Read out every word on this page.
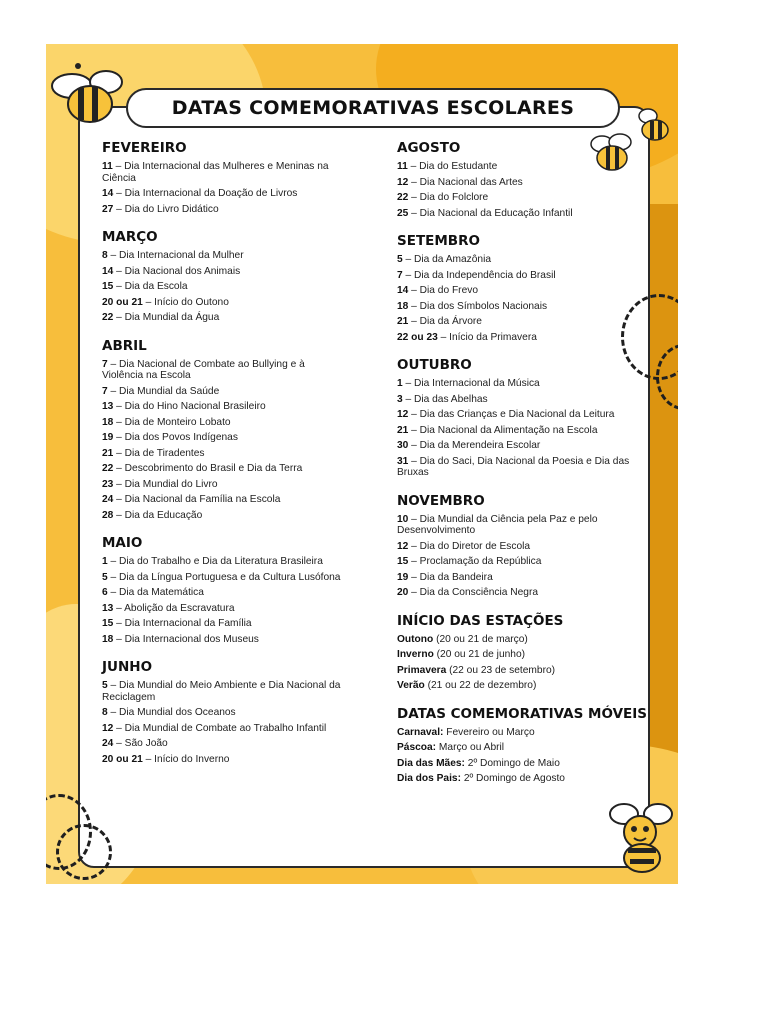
DATAS COMEMORATIVAS ESCOLARES
FEVEREIRO
11 – Dia Internacional das Mulheres e Meninas na Ciência
14 – Dia Internacional da Doação de Livros
27 – Dia do Livro Didático
MARÇO
8 – Dia Internacional da Mulher
14 – Dia Nacional dos Animais
15 – Dia da Escola
20 ou 21 – Início do Outono
22 – Dia Mundial da Água
ABRIL
7 – Dia Nacional de Combate ao Bullying e à Violência na Escola
7 – Dia Mundial da Saúde
13 – Dia do Hino Nacional Brasileiro
18 – Dia de Monteiro Lobato
19 – Dia dos Povos Indígenas
21 – Dia de Tiradentes
22 – Descobrimento do Brasil e Dia da Terra
23 – Dia Mundial do Livro
24 – Dia Nacional da Família na Escola
28 – Dia da Educação
MAIO
1 – Dia do Trabalho e Dia da Literatura Brasileira
5 – Dia da Língua Portuguesa e da Cultura Lusófona
6 – Dia da Matemática
13 – Abolição da Escravatura
15 – Dia Internacional da Família
18 – Dia Internacional dos Museus
JUNHO
5 – Dia Mundial do Meio Ambiente e Dia Nacional da Reciclagem
8 – Dia Mundial dos Oceanos
12 – Dia Mundial de Combate ao Trabalho Infantil
24 – São João
20 ou 21 – Início do Inverno
AGOSTO
11 – Dia do Estudante
12 – Dia Nacional das Artes
22 – Dia do Folclore
25 – Dia Nacional da Educação Infantil
SETEMBRO
5 – Dia da Amazônia
7 – Dia da Independência do Brasil
14 – Dia do Frevo
18 – Dia dos Símbolos Nacionais
21 – Dia da Árvore
22 ou 23 – Início da Primavera
OUTUBRO
1 – Dia Internacional da Música
3 – Dia das Abelhas
12 – Dia das Crianças e Dia Nacional da Leitura
21 – Dia Nacional da Alimentação na Escola
30 – Dia da Merendeira Escolar
31 – Dia do Saci, Dia Nacional da Poesia e Dia das Bruxas
NOVEMBRO
10 – Dia Mundial da Ciência pela Paz e pelo Desenvolvimento
12 – Dia do Diretor de Escola
15 – Proclamação da República
19 – Dia da Bandeira
20 – Dia da Consciência Negra
INÍCIO DAS ESTAÇÕES
Outono (20 ou 21 de março)
Inverno (20 ou 21 de junho)
Primavera (22 ou 23 de setembro)
Verão (21 ou 22 de dezembro)
DATAS COMEMORATIVAS MÓVEIS
Carnaval: Fevereiro ou Março
Páscoa: Março ou Abril
Dia das Mães: 2º Domingo de Maio
Dia dos Pais: 2º Domingo de Agosto
